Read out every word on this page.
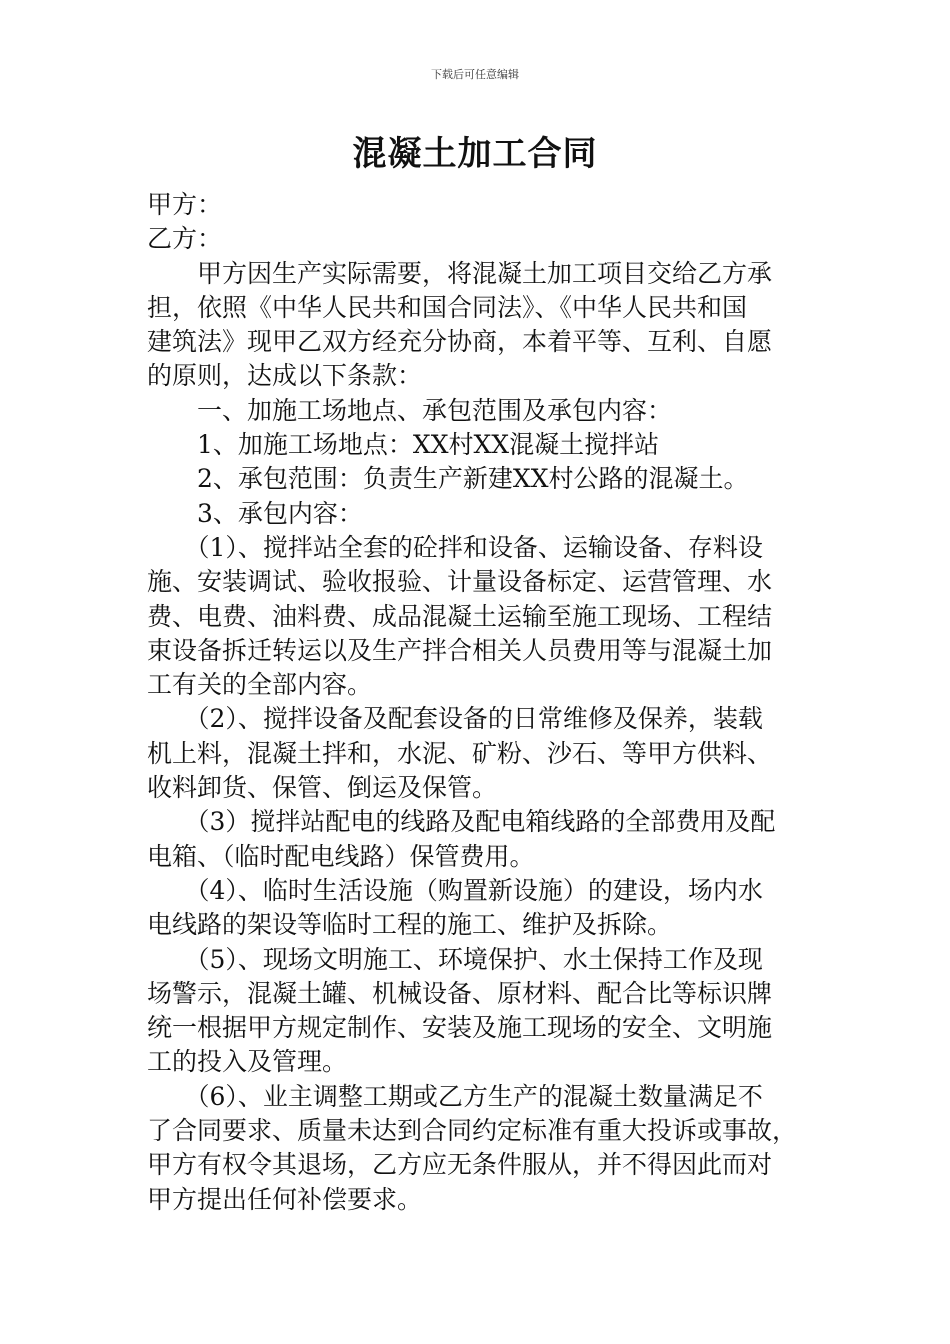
下载后可任意编辑
混凝土加工合同

甲方：

乙方：

　　甲方因生产实际需要，将混凝土加工项目交给乙方承

担，依照《中华人民共和国合同法》、《中华人民共和国

建筑法》现甲乙双方经充分协商，本着平等、互利、自愿

的原则，达成以下条款：

　　一、加施工场地点、承包范围及承包内容：

　　1、加施工场地点：XX村XX混凝土搅拌站

　　2、承包范围：负责生产新建XX村公路的混凝土。

　　3、承包内容：

　　（1）、搅拌站全套的砼拌和设备、运输设备、存料设

施、安装调试、验收报验、计量设备标定、运营管理、水

费、电费、油料费、成品混凝土运输至施工现场、工程结

束设备拆迁转运以及生产拌合相关人员费用等与混凝土加

工有关的全部内容。

　　（2）、搅拌设备及配套设备的日常维修及保养，装载

机上料，混凝土拌和，水泥、矿粉、沙石、等甲方供料、

收料卸货、保管、倒运及保管。

　　（3）搅拌站配电的线路及配电箱线路的全部费用及配

电箱、（临时配电线路）保管费用。

　　（4）、临时生活设施（购置新设施）的建设，场内水

电线路的架设等临时工程的施工、维护及拆除。

　　（5）、现场文明施工、环境保护、水土保持工作及现

场警示，混凝土罐、机械设备、原材料、配合比等标识牌

统一根据甲方规定制作、安装及施工现场的安全、文明施

工的投入及管理。

　　（6）、业主调整工期或乙方生产的混凝土数量满足不

了合同要求、质量未达到合同约定标准有重大投诉或事故，

甲方有权令其退场，乙方应无条件服从，并不得因此而对

甲方提出任何补偿要求。
